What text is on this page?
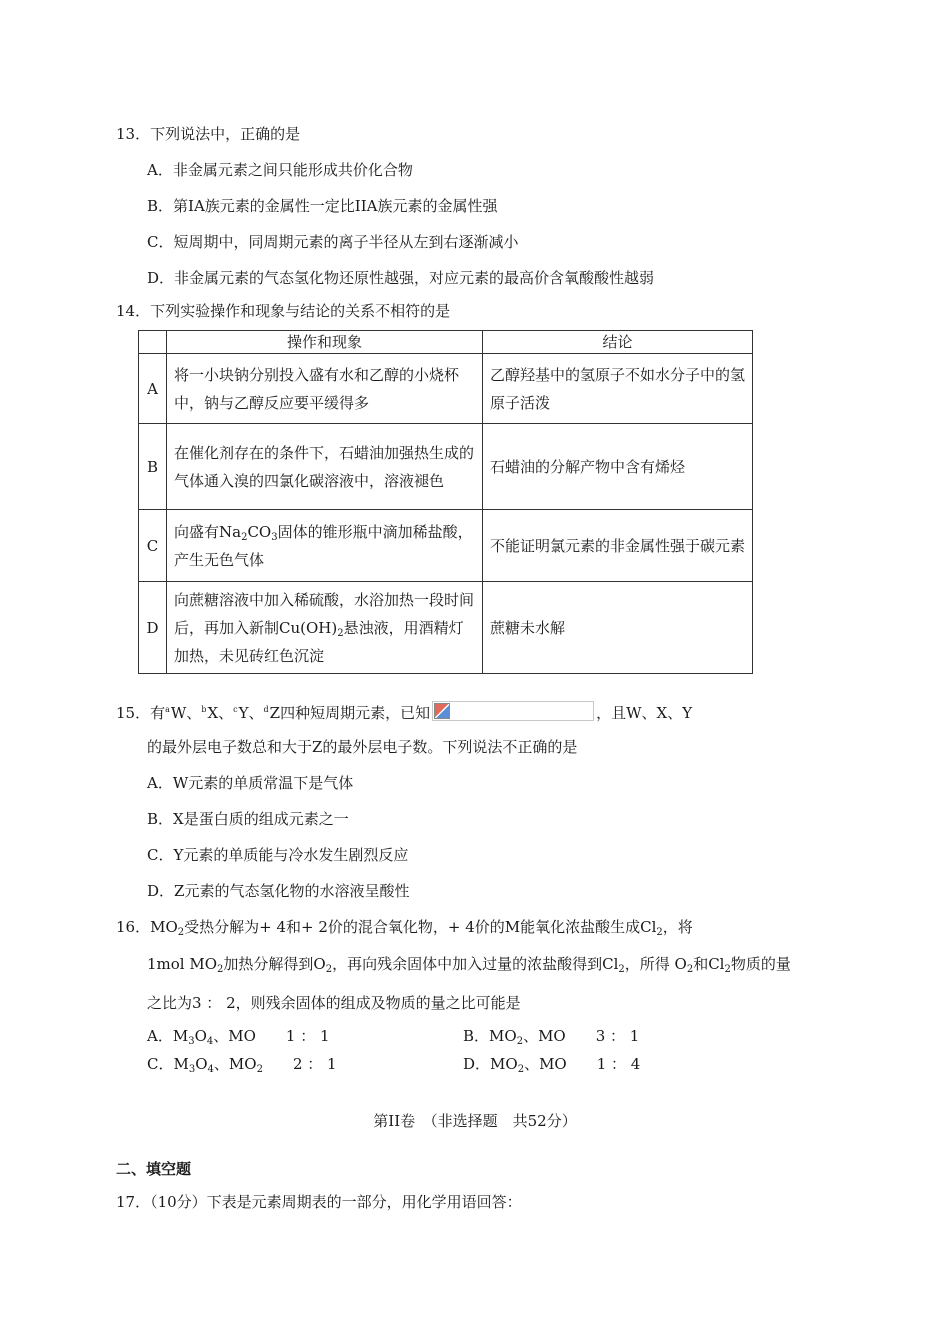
13．下列说法中，正确的是
A．非金属元素之间只能形成共价化合物
B．第IA族元素的金属性一定比IIA族元素的金属性强
C．短周期中，同周期元素的离子半径从左到右逐渐减小
D．非金属元素的气态氢化物还原性越强，对应元素的最高价含氧酸酸性越弱
14．下列实验操作和现象与结论的关系不相符的是
	操作和现象	结论
A	将一小块钠分别投入盛有水和乙醇的小烧杯中，钠与乙醇反应要平缓得多	乙醇羟基中的氢原子不如水分子中的氢原子活泼
B	在催化剂存在的条件下，石蜡油加强热生成的气体通入溴的四氯化碳溶液中，溶液褪色	石蜡油的分解产物中含有烯烃
C	向盛有$Na_2CO_3$固体的锥形瓶中滴加稀盐酸，产生无色气体	不能证明氯元素的非金属性强于碳元素
D	向蔗糖溶液中加入稀硫酸，水浴加热一段时间后，再加入新制$Cu(OH)_2$悬浊液，用酒精灯加热，未见砖红色沉淀	蔗糖未水解
15．有$^a$W、$^b$X、$^c$Y、$^d$Z四种短周期元素，已知	，且W、X、Y
的最外层电子数总和大于Z的最外层电子数。下列说法不正确的是
A．W元素的单质常温下是气体
B．X是蛋白质的组成元素之一
C．Y元素的单质能与冷水发生剧烈反应
D．Z元素的气态氢化物的水溶液呈酸性
16．$MO_2$受热分解为+ 4和+ 2价的混合氧化物，+ 4价的M能氧化浓盐酸生成$Cl_2$，将
1mol $MO_2$加热分解得到$O_2$，再向残余固体中加入过量的浓盐酸得到$Cl_2$，所得 $O_2$和$Cl_2$物质的量
之比为3 ： 2，则残余固体的组成及物质的量之比可能是
A．$M_3O_4$、MO　　1 ： 1	B．$MO_2$、MO　　3 ： 1
C．$M_3O_4$、$MO_2$　　2 ： 1	D．$MO_2$、MO　　1 ： 4
第II卷　（非选择题　共52分）
二、填空题
17．（10分）下表是元素周期表的一部分，用化学用语回答：
